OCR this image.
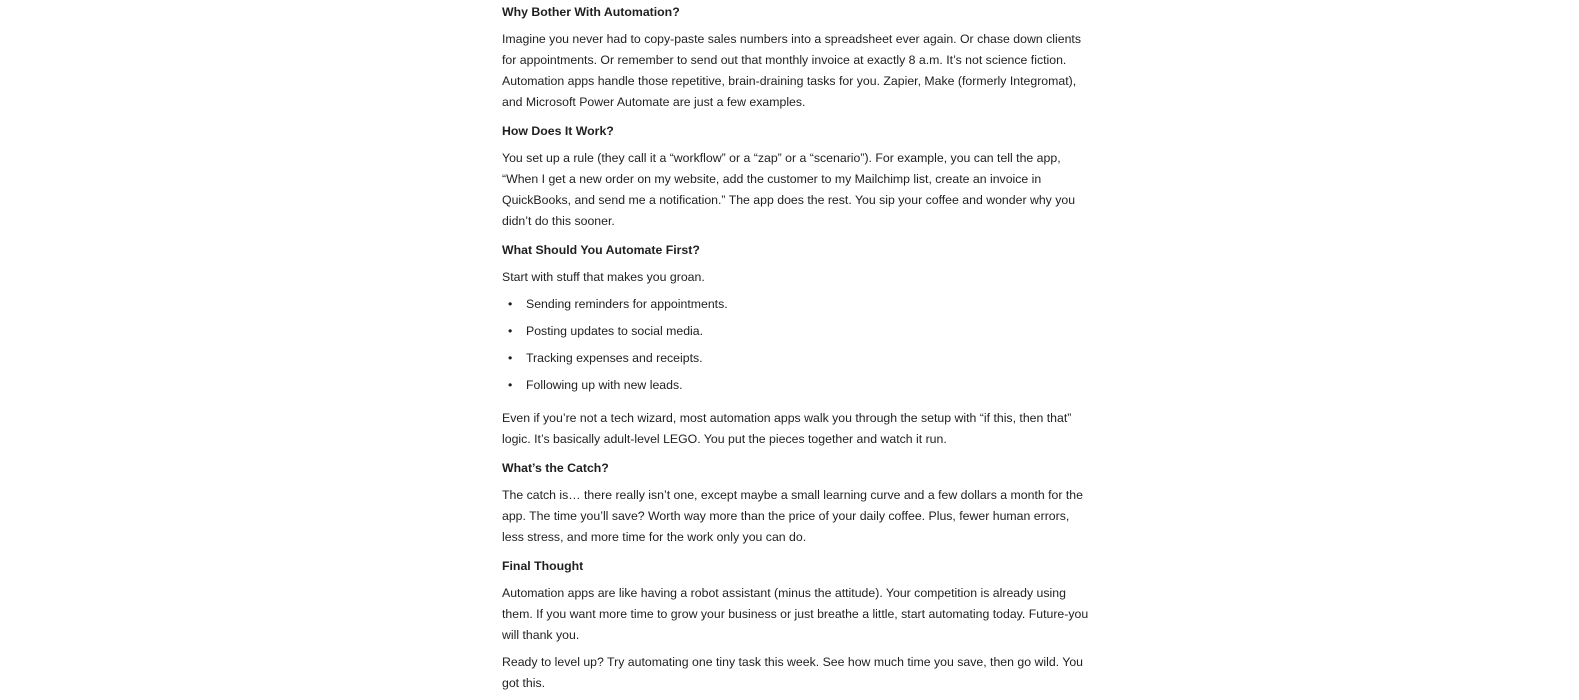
Why Bother With Automation?

Imagine you never had to copy-paste sales numbers into a spreadsheet ever again. Or chase down clients for appointments. Or remember to send out that monthly invoice at exactly 8 a.m. It’s not science fiction. Automation apps handle those repetitive, brain-draining tasks for you. Zapier, Make (formerly Integromat), and Microsoft Power Automate are just a few examples.

How Does It Work?

You set up a rule (they call it a “workflow” or a “zap” or a “scenario”). For example, you can tell the app, “When I get a new order on my website, add the customer to my Mailchimp list, create an invoice in QuickBooks, and send me a notification.” The app does the rest. You sip your coffee and wonder why you didn’t do this sooner.

What Should You Automate First?

Start with stuff that makes you groan.

• Sending reminders for appointments.
• Posting updates to social media.
• Tracking expenses and receipts.
• Following up with new leads.

Even if you’re not a tech wizard, most automation apps walk you through the setup with “if this, then that” logic. It’s basically adult-level LEGO. You put the pieces together and watch it run.

What’s the Catch?

The catch is… there really isn’t one, except maybe a small learning curve and a few dollars a month for the app. The time you’ll save? Worth way more than the price of your daily coffee. Plus, fewer human errors, less stress, and more time for the work only you can do.

Final Thought

Automation apps are like having a robot assistant (minus the attitude). Your competition is already using them. If you want more time to grow your business or just breathe a little, start automating today. Future-you will thank you.

Ready to level up? Try automating one tiny task this week. See how much time you save, then go wild. You got this.
